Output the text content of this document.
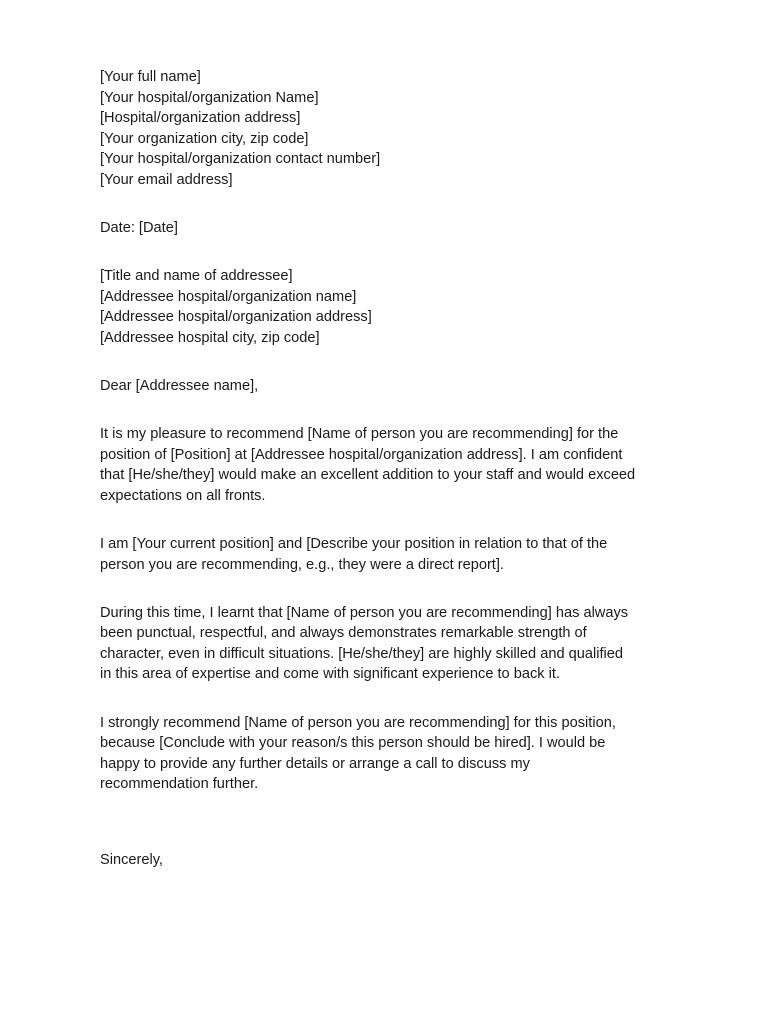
[Your full name]

[Your hospital/organization Name]

[Hospital/organization address]

[Your organization city, zip code]

[Your hospital/organization contact number]

[Your email address]

Date: [Date]

[Title and name of addressee]

[Addressee hospital/organization name]

[Addressee hospital/organization address]

[Addressee hospital city, zip code]

Dear [Addressee name],

It is my pleasure to recommend [Name of person you are recommending] for the

position of [Position] at [Addressee hospital/organization address]. I am confident

that [He/she/they] would make an excellent addition to your staff and would exceed

expectations on all fronts.

I am [Your current position] and [Describe your position in relation to that of the

person you are recommending, e.g., they were a direct report].

During this time, I learnt that [Name of person you are recommending] has always

been punctual, respectful, and always demonstrates remarkable strength of

character, even in difficult situations. [He/she/they] are highly skilled and qualified

in this area of expertise and come with significant experience to back it.

I strongly recommend [Name of person you are recommending] for this position,

because [Conclude with your reason/s this person should be hired]. I would be

happy to provide any further details or arrange a call to discuss my

recommendation further.

Sincerely,
